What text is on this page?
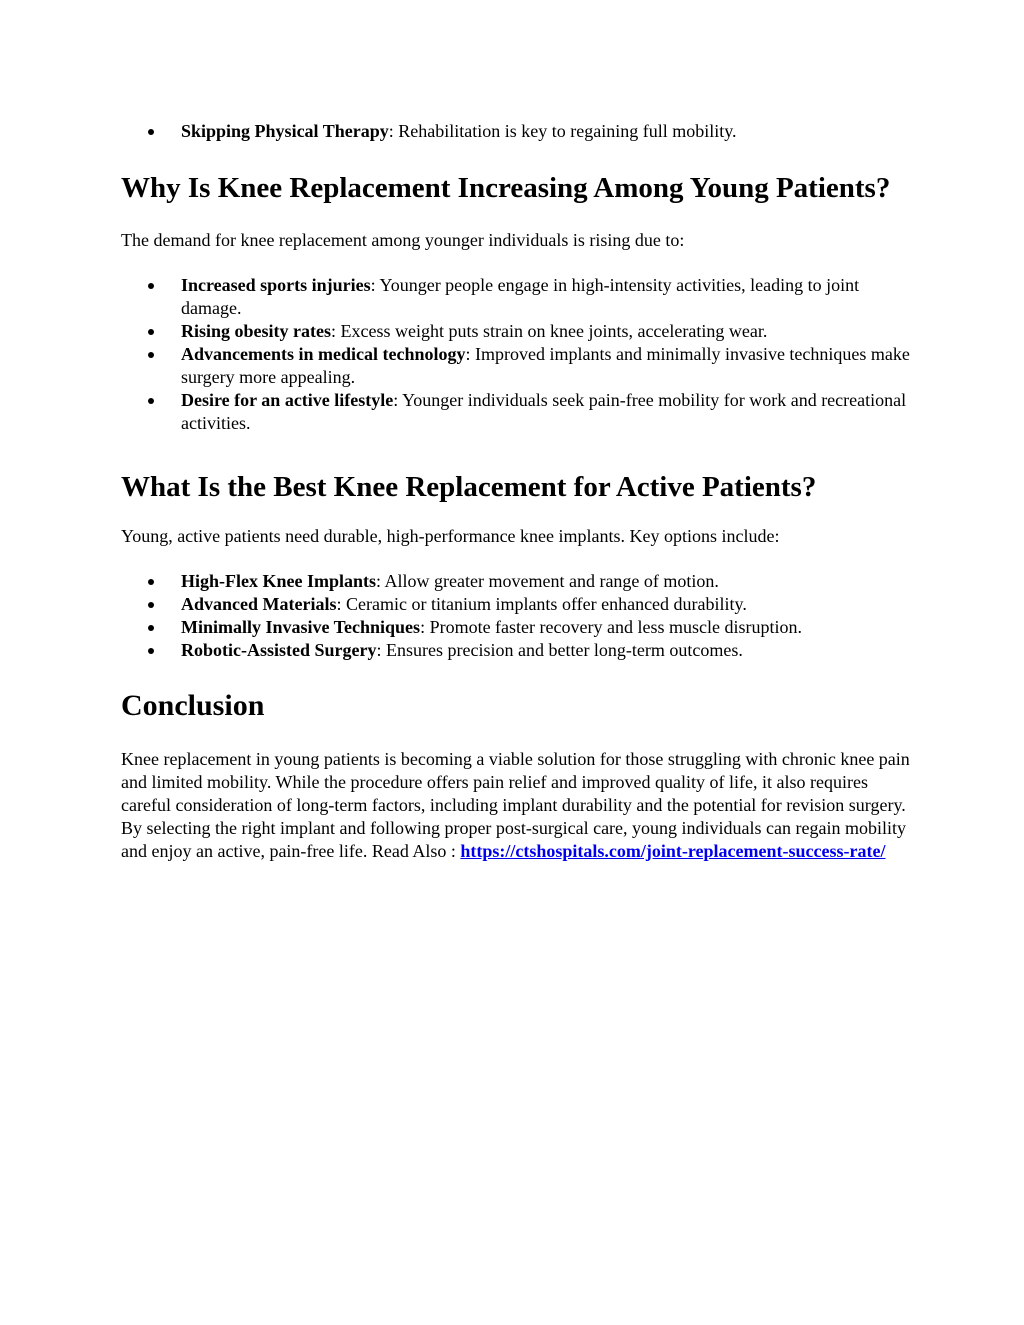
Skipping Physical Therapy: Rehabilitation is key to regaining full mobility.
Why Is Knee Replacement Increasing Among Young Patients?

The demand for knee replacement among younger individuals is rising due to:

Increased sports injuries: Younger people engage in high-intensity activities, leading to joint damage.
Rising obesity rates: Excess weight puts strain on knee joints, accelerating wear.
Advancements in medical technology: Improved implants and minimally invasive techniques make surgery more appealing.
Desire for an active lifestyle: Younger individuals seek pain-free mobility for work and recreational activities.
What Is the Best Knee Replacement for Active Patients?

Young, active patients need durable, high-performance knee implants. Key options include:

High-Flex Knee Implants: Allow greater movement and range of motion.
Advanced Materials: Ceramic or titanium implants offer enhanced durability.
Minimally Invasive Techniques: Promote faster recovery and less muscle disruption.
Robotic-Assisted Surgery: Ensures precision and better long-term outcomes.
Conclusion

Knee replacement in young patients is becoming a viable solution for those struggling with chronic knee pain and limited mobility. While the procedure offers pain relief and improved quality of life, it also requires careful consideration of long-term factors, including implant durability and the potential for revision surgery. By selecting the right implant and following proper post-surgical care, young individuals can regain mobility and enjoy an active, pain-free life. Read Also : https://ctshospitals.com/joint-replacement-success-rate/
